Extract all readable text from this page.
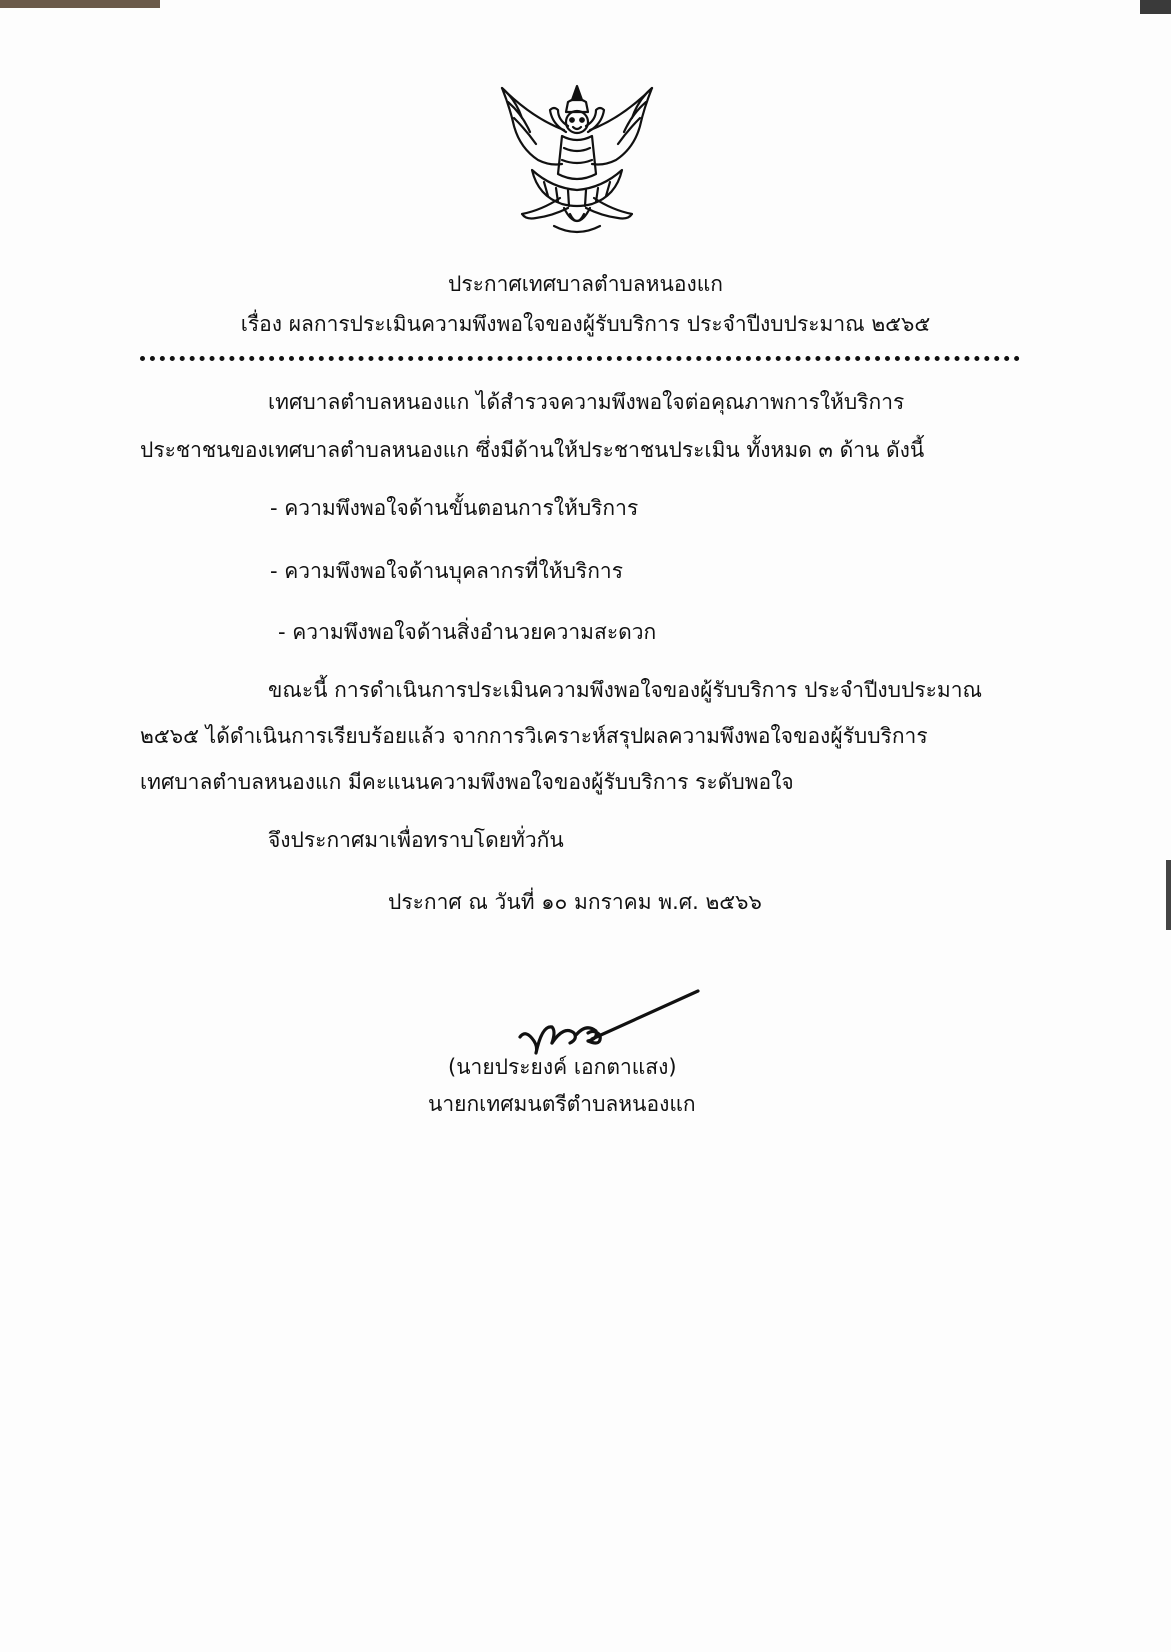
ประกาศเทศบาลตำบลหนองแก
เรื่อง ผลการประเมินความพึงพอใจของผู้รับบริการ ประจำปีงบประมาณ ๒๕๖๕
เทศบาลตำบลหนองแก ได้สำรวจความพึงพอใจต่อคุณภาพการให้บริการ
ประชาชนของเทศบาลตำบลหนองแก ซึ่งมีด้านให้ประชาชนประเมิน ทั้งหมด ๓ ด้าน ดังนี้
- ความพึงพอใจด้านขั้นตอนการให้บริการ
- ความพึงพอใจด้านบุคลากรที่ให้บริการ
- ความพึงพอใจด้านสิ่งอำนวยความสะดวก
ขณะนี้ การดำเนินการประเมินความพึงพอใจของผู้รับบริการ ประจำปีงบประมาณ
๒๕๖๕ ได้ดำเนินการเรียบร้อยแล้ว จากการวิเคราะห์สรุปผลความพึงพอใจของผู้รับบริการ
เทศบาลตำบลหนองแก มีคะแนนความพึงพอใจของผู้รับบริการ ระดับพอใจ
จึงประกาศมาเพื่อทราบโดยทั่วกัน
ประกาศ ณ วันที่ ๑๐ มกราคม พ.ศ. ๒๕๖๖
(นายประยงค์ เอกตาแสง)
นายกเทศมนตรีตำบลหนองแก
